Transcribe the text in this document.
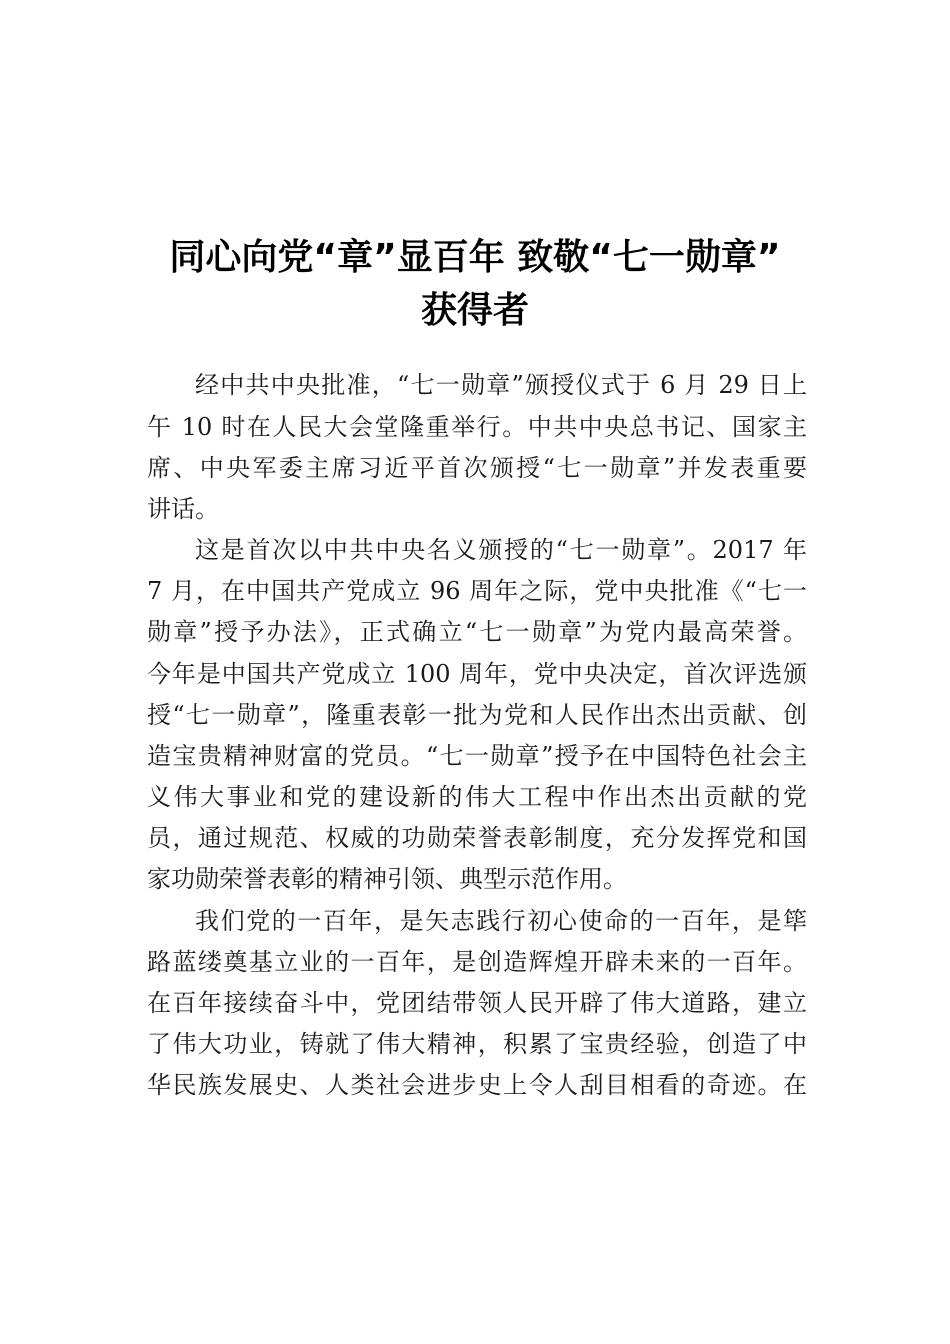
同心向党“章”显百年 致敬“七一勋章”
获得者

经中共中央批准，“七一勋章”颁授仪式于 6 月 29 日上

午 10 时在人民大会堂隆重举行。中共中央总书记、国家主

席、中央军委主席习近平首次颁授“七一勋章”并发表重要

讲话。

这是首次以中共中央名义颁授的“七一勋章”。2017 年

7 月，在中国共产党成立 96 周年之际，党中央批准《“七一

勋章”授予办法》，正式确立“七一勋章”为党内最高荣誉。

今年是中国共产党成立 100 周年，党中央决定，首次评选颁

授“七一勋章”，隆重表彰一批为党和人民作出杰出贡献、创

造宝贵精神财富的党员。“七一勋章”授予在中国特色社会主

义伟大事业和党的建设新的伟大工程中作出杰出贡献的党

员，通过规范、权威的功勋荣誉表彰制度，充分发挥党和国

家功勋荣誉表彰的精神引领、典型示范作用。

我们党的一百年，是矢志践行初心使命的一百年，是筚

路蓝缕奠基立业的一百年，是创造辉煌开辟未来的一百年。

在百年接续奋斗中，党团结带领人民开辟了伟大道路，建立

了伟大功业，铸就了伟大精神，积累了宝贵经验，创造了中

华民族发展史、人类社会进步史上令人刮目相看的奇迹。在
